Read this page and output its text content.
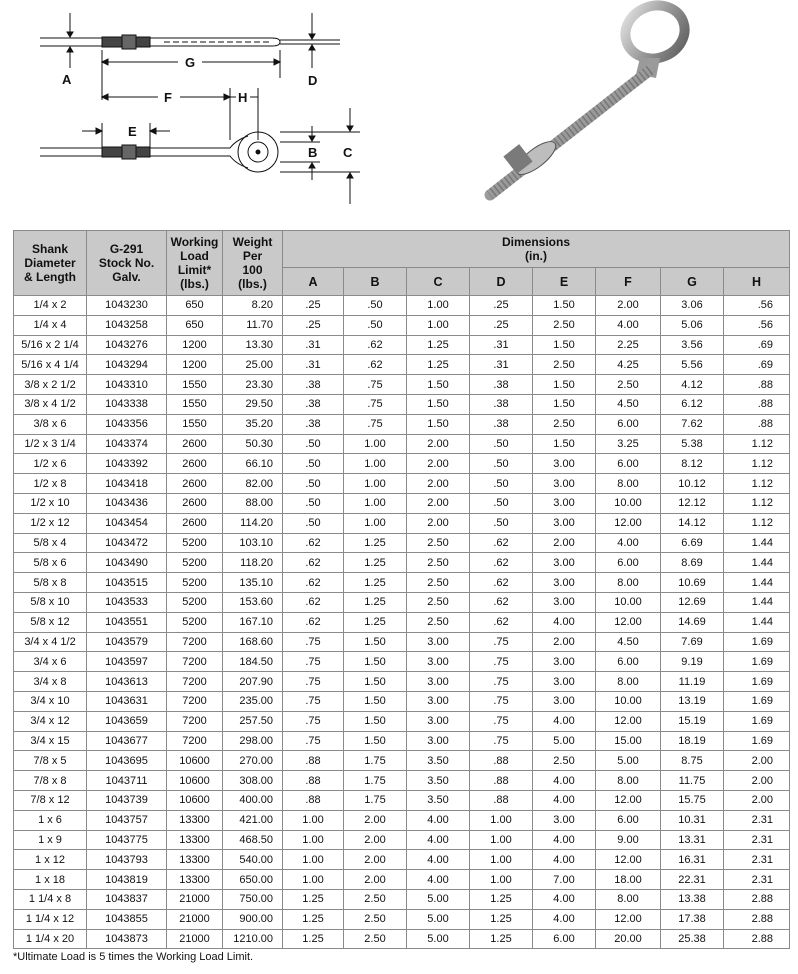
A
G
D
F	H
E
B C
Shank
Diameter
& Length	G-291
Stock No.
Galv.	Working
Load
Limit*
(lbs.)	Weight
Per
100
(lbs.)	Dimensions
(in.)							
				A	B	C	D	E	F	G	H
1/4 x 2	1043230	650	8.20	.25	.50	1.00	.25	1.50	2.00	3.06	.56
1/4 x 4	1043258	650	11.70	.25	.50	1.00	.25	2.50	4.00	5.06	.56
5/16 x 2 1/4	1043276	1200	13.30	.31	.62	1.25	.31	1.50	2.25	3.56	.69
5/16 x 4 1/4	1043294	1200	25.00	.31	.62	1.25	.31	2.50	4.25	5.56	.69
3/8 x 2 1/2	1043310	1550	23.30	.38	.75	1.50	.38	1.50	2.50	4.12	.88
3/8 x 4 1/2	1043338	1550	29.50	.38	.75	1.50	.38	1.50	4.50	6.12	.88
3/8 x 6	1043356	1550	35.20	.38	.75	1.50	.38	2.50	6.00	7.62	.88
1/2 x 3 1/4	1043374	2600	50.30	.50	1.00	2.00	.50	1.50	3.25	5.38	1.12
1/2 x 6	1043392	2600	66.10	.50	1.00	2.00	.50	3.00	6.00	8.12	1.12
1/2 x 8	1043418	2600	82.00	.50	1.00	2.00	.50	3.00	8.00	10.12	1.12
1/2 x 10	1043436	2600	88.00	.50	1.00	2.00	.50	3.00	10.00	12.12	1.12
1/2 x 12	1043454	2600	114.20	.50	1.00	2.00	.50	3.00	12.00	14.12	1.12
5/8 x 4	1043472	5200	103.10	.62	1.25	2.50	.62	2.00	4.00	6.69	1.44
5/8 x 6	1043490	5200	118.20	.62	1.25	2.50	.62	3.00	6.00	8.69	1.44
5/8 x 8	1043515	5200	135.10	.62	1.25	2.50	.62	3.00	8.00	10.69	1.44
5/8 x 10	1043533	5200	153.60	.62	1.25	2.50	.62	3.00	10.00	12.69	1.44
5/8 x 12	1043551	5200	167.10	.62	1.25	2.50	.62	4.00	12.00	14.69	1.44
3/4 x 4 1/2	1043579	7200	168.60	.75	1.50	3.00	.75	2.00	4.50	7.69	1.69
3/4 x 6	1043597	7200	184.50	.75	1.50	3.00	.75	3.00	6.00	9.19	1.69
3/4 x 8	1043613	7200	207.90	.75	1.50	3.00	.75	3.00	8.00	11.19	1.69
3/4 x 10	1043631	7200	235.00	.75	1.50	3.00	.75	3.00	10.00	13.19	1.69
3/4 x 12	1043659	7200	257.50	.75	1.50	3.00	.75	4.00	12.00	15.19	1.69
3/4 x 15	1043677	7200	298.00	.75	1.50	3.00	.75	5.00	15.00	18.19	1.69
7/8 x 5	1043695	10600	270.00	.88	1.75	3.50	.88	2.50	5.00	8.75	2.00
7/8 x 8	1043711	10600	308.00	.88	1.75	3.50	.88	4.00	8.00	11.75	2.00
7/8 x 12	1043739	10600	400.00	.88	1.75	3.50	.88	4.00	12.00	15.75	2.00
1 x 6	1043757	13300	421.00	1.00	2.00	4.00	1.00	3.00	6.00	10.31	2.31
1 x 9	1043775	13300	468.50	1.00	2.00	4.00	1.00	4.00	9.00	13.31	2.31
1 x 12	1043793	13300	540.00	1.00	2.00	4.00	1.00	4.00	12.00	16.31	2.31
1 x 18	1043819	13300	650.00	1.00	2.00	4.00	1.00	7.00	18.00	22.31	2.31
1 1/4 x 8	1043837	21000	750.00	1.25	2.50	5.00	1.25	4.00	8.00	13.38	2.88
1 1/4 x 12	1043855	21000	900.00	1.25	2.50	5.00	1.25	4.00	12.00	17.38	2.88
1 1/4 x 20	1043873	21000	1210.00	1.25	2.50	5.00	1.25	6.00	20.00	25.38	2.88
*Ultimate Load is 5 times the Working Load Limit.
